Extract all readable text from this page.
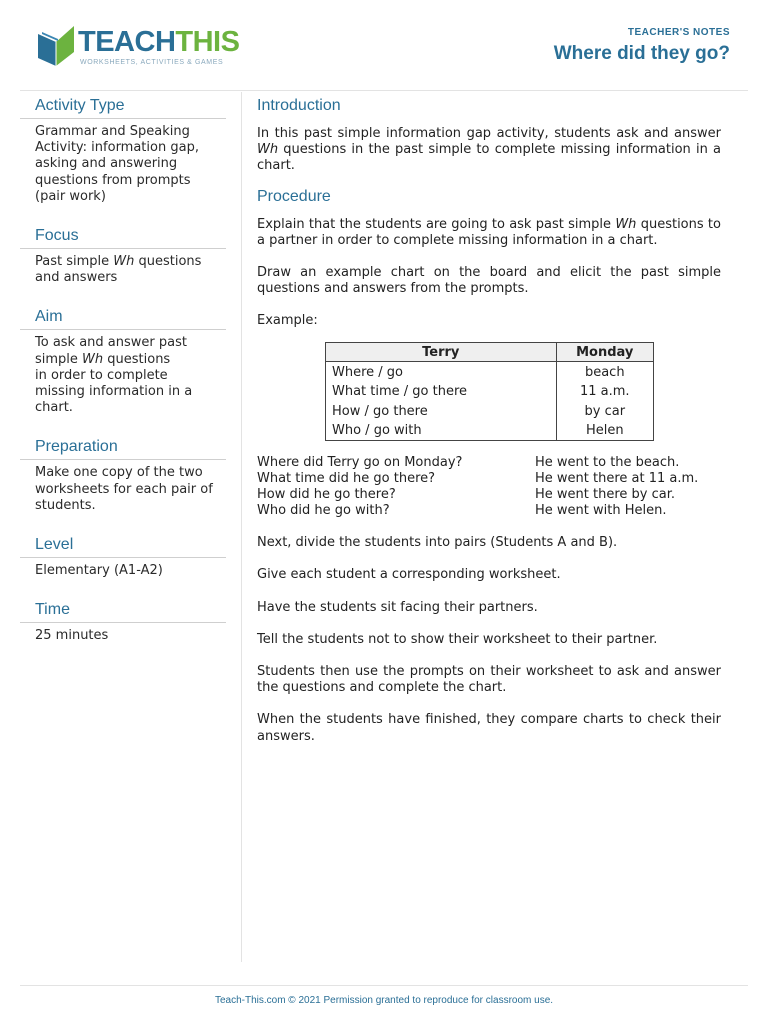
TEACHTHIS
WORKSHEETS, ACTIVITIES & GAMES
TEACHER'S NOTES
Where did they go?
Activity Type
Grammar and Speaking Activity: information gap, asking and answering questions from prompts (pair work)
Focus
Past simple Wh questions and answers
Aim
To ask and answer past
simple Wh questions
in order to complete missing information in a chart.
Preparation
Make one copy of the two worksheets for each pair of students.
Level
Elementary (A1-A2)
Time
25 minutes
Introduction

In this past simple information gap activity, students ask and answer Wh questions in the past simple to complete missing information in a chart.

Procedure

Explain that the students are going to ask past simple Wh questions to a partner in order to complete missing information in a chart.

Draw an example chart on the board and elicit the past simple questions and answers from the prompts.

Example:
Terry	Monday
Where / go	beach
What time / go there	11 a.m.
How / go there	by car
Who / go with	Helen
Where did Terry go on Monday?	He went to the beach.
What time did he go there?	He went there at 11 a.m.
How did he go there?	He went there by car.
Who did he go with?	He went with Helen.

Next, divide the students into pairs (Students A and B).

Give each student a corresponding worksheet.

Have the students sit facing their partners.

Tell the students not to show their worksheet to their partner.

Students then use the prompts on their worksheet to ask and answer the questions and complete the chart.

When the students have finished, they compare charts to check their answers.

Teach-This.com © 2021 Permission granted to reproduce for classroom use.
